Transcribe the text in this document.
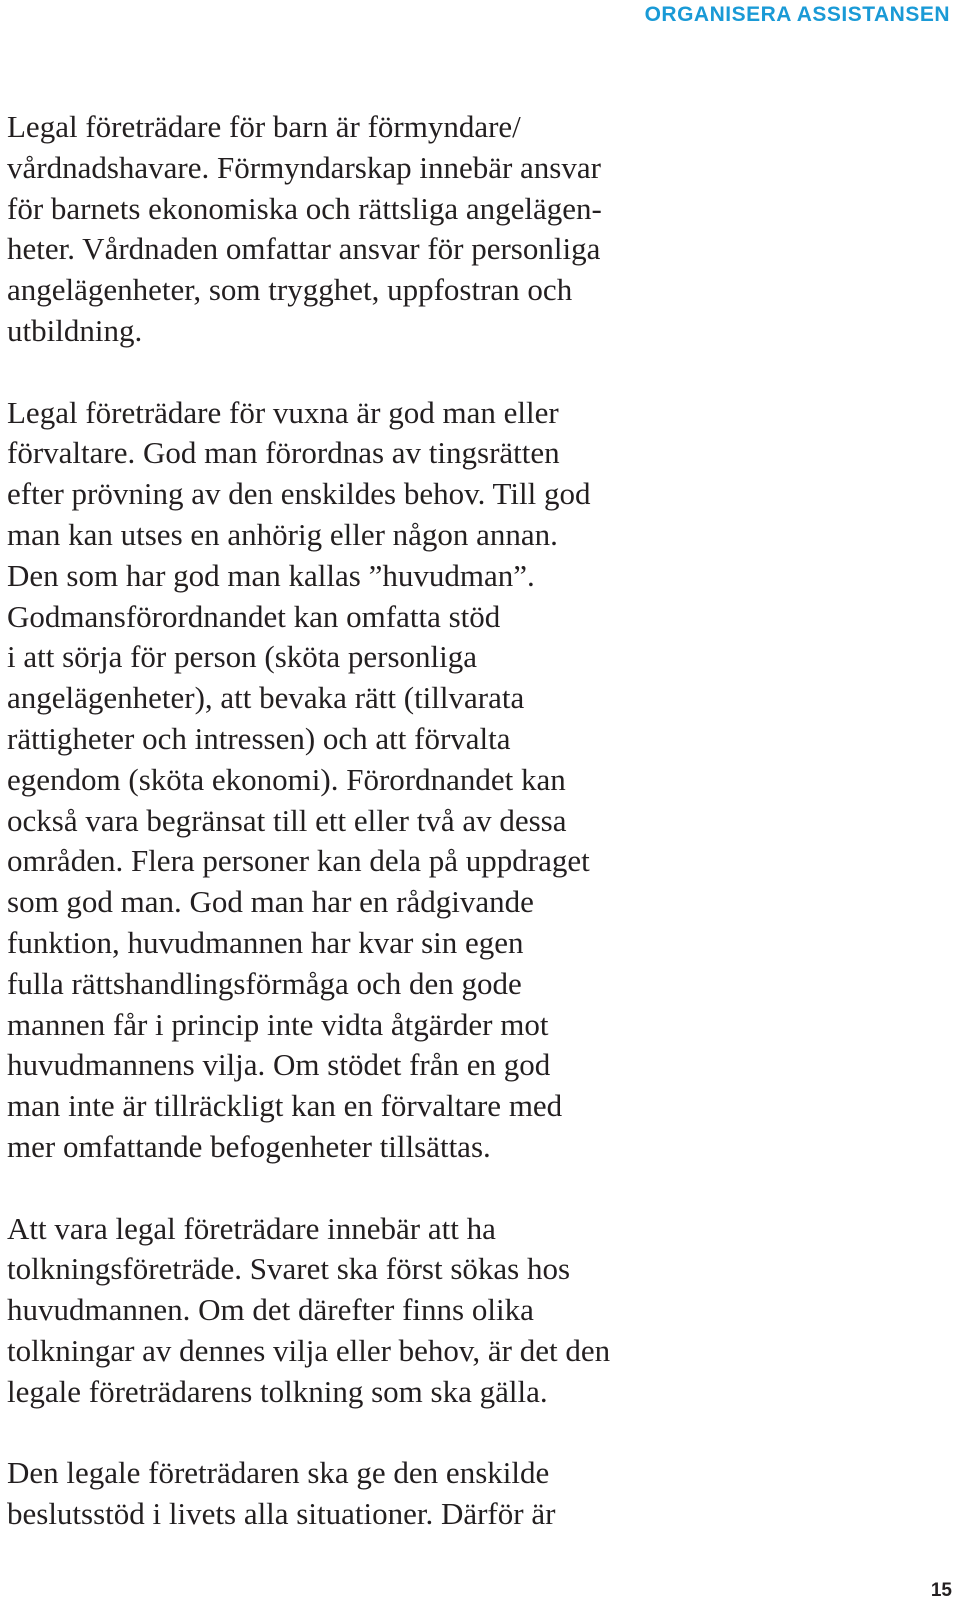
ORGANISERA ASSISTANSEN

Legal företrädare för barn är förmyndare/
vårdnadshavare. Förmyndarskap innebär ansvar
för barnets ekonomiska och rättsliga angelägen-
heter. Vårdnaden omfattar ansvar för personliga
angelägenheter, som trygghet, uppfostran och
utbildning.

Legal företrädare för vuxna är god man eller
förvaltare. God man förordnas av tingsrätten
efter prövning av den enskildes behov. Till god
man kan utses en anhörig eller någon annan.
Den som har god man kallas ”huvudman”.
Godmansförordnandet kan omfatta stöd
i att sörja för person (sköta personliga
angelägenheter), att bevaka rätt (tillvarata
rättigheter och intressen) och att förvalta
egendom (sköta ekonomi). Förordnandet kan
också vara begränsat till ett eller två av dessa
områden. Flera personer kan dela på uppdraget
som god man. God man har en rådgivande
funktion, huvudmannen har kvar sin egen
fulla rättshandlingsförmåga och den gode
mannen får i princip inte vidta åtgärder mot
huvudmannens vilja. Om stödet från en god
man inte är tillräckligt kan en förvaltare med
mer omfattande befogenheter tillsättas.

Att vara legal företrädare innebär att ha
tolkningsföreträde. Svaret ska först sökas hos
huvudmannen. Om det därefter finns olika
tolkningar av dennes vilja eller behov, är det den
legale företrädarens tolkning som ska gälla.

Den legale företrädaren ska ge den enskilde
beslutsstöd i livets alla situationer. Därför är

15
